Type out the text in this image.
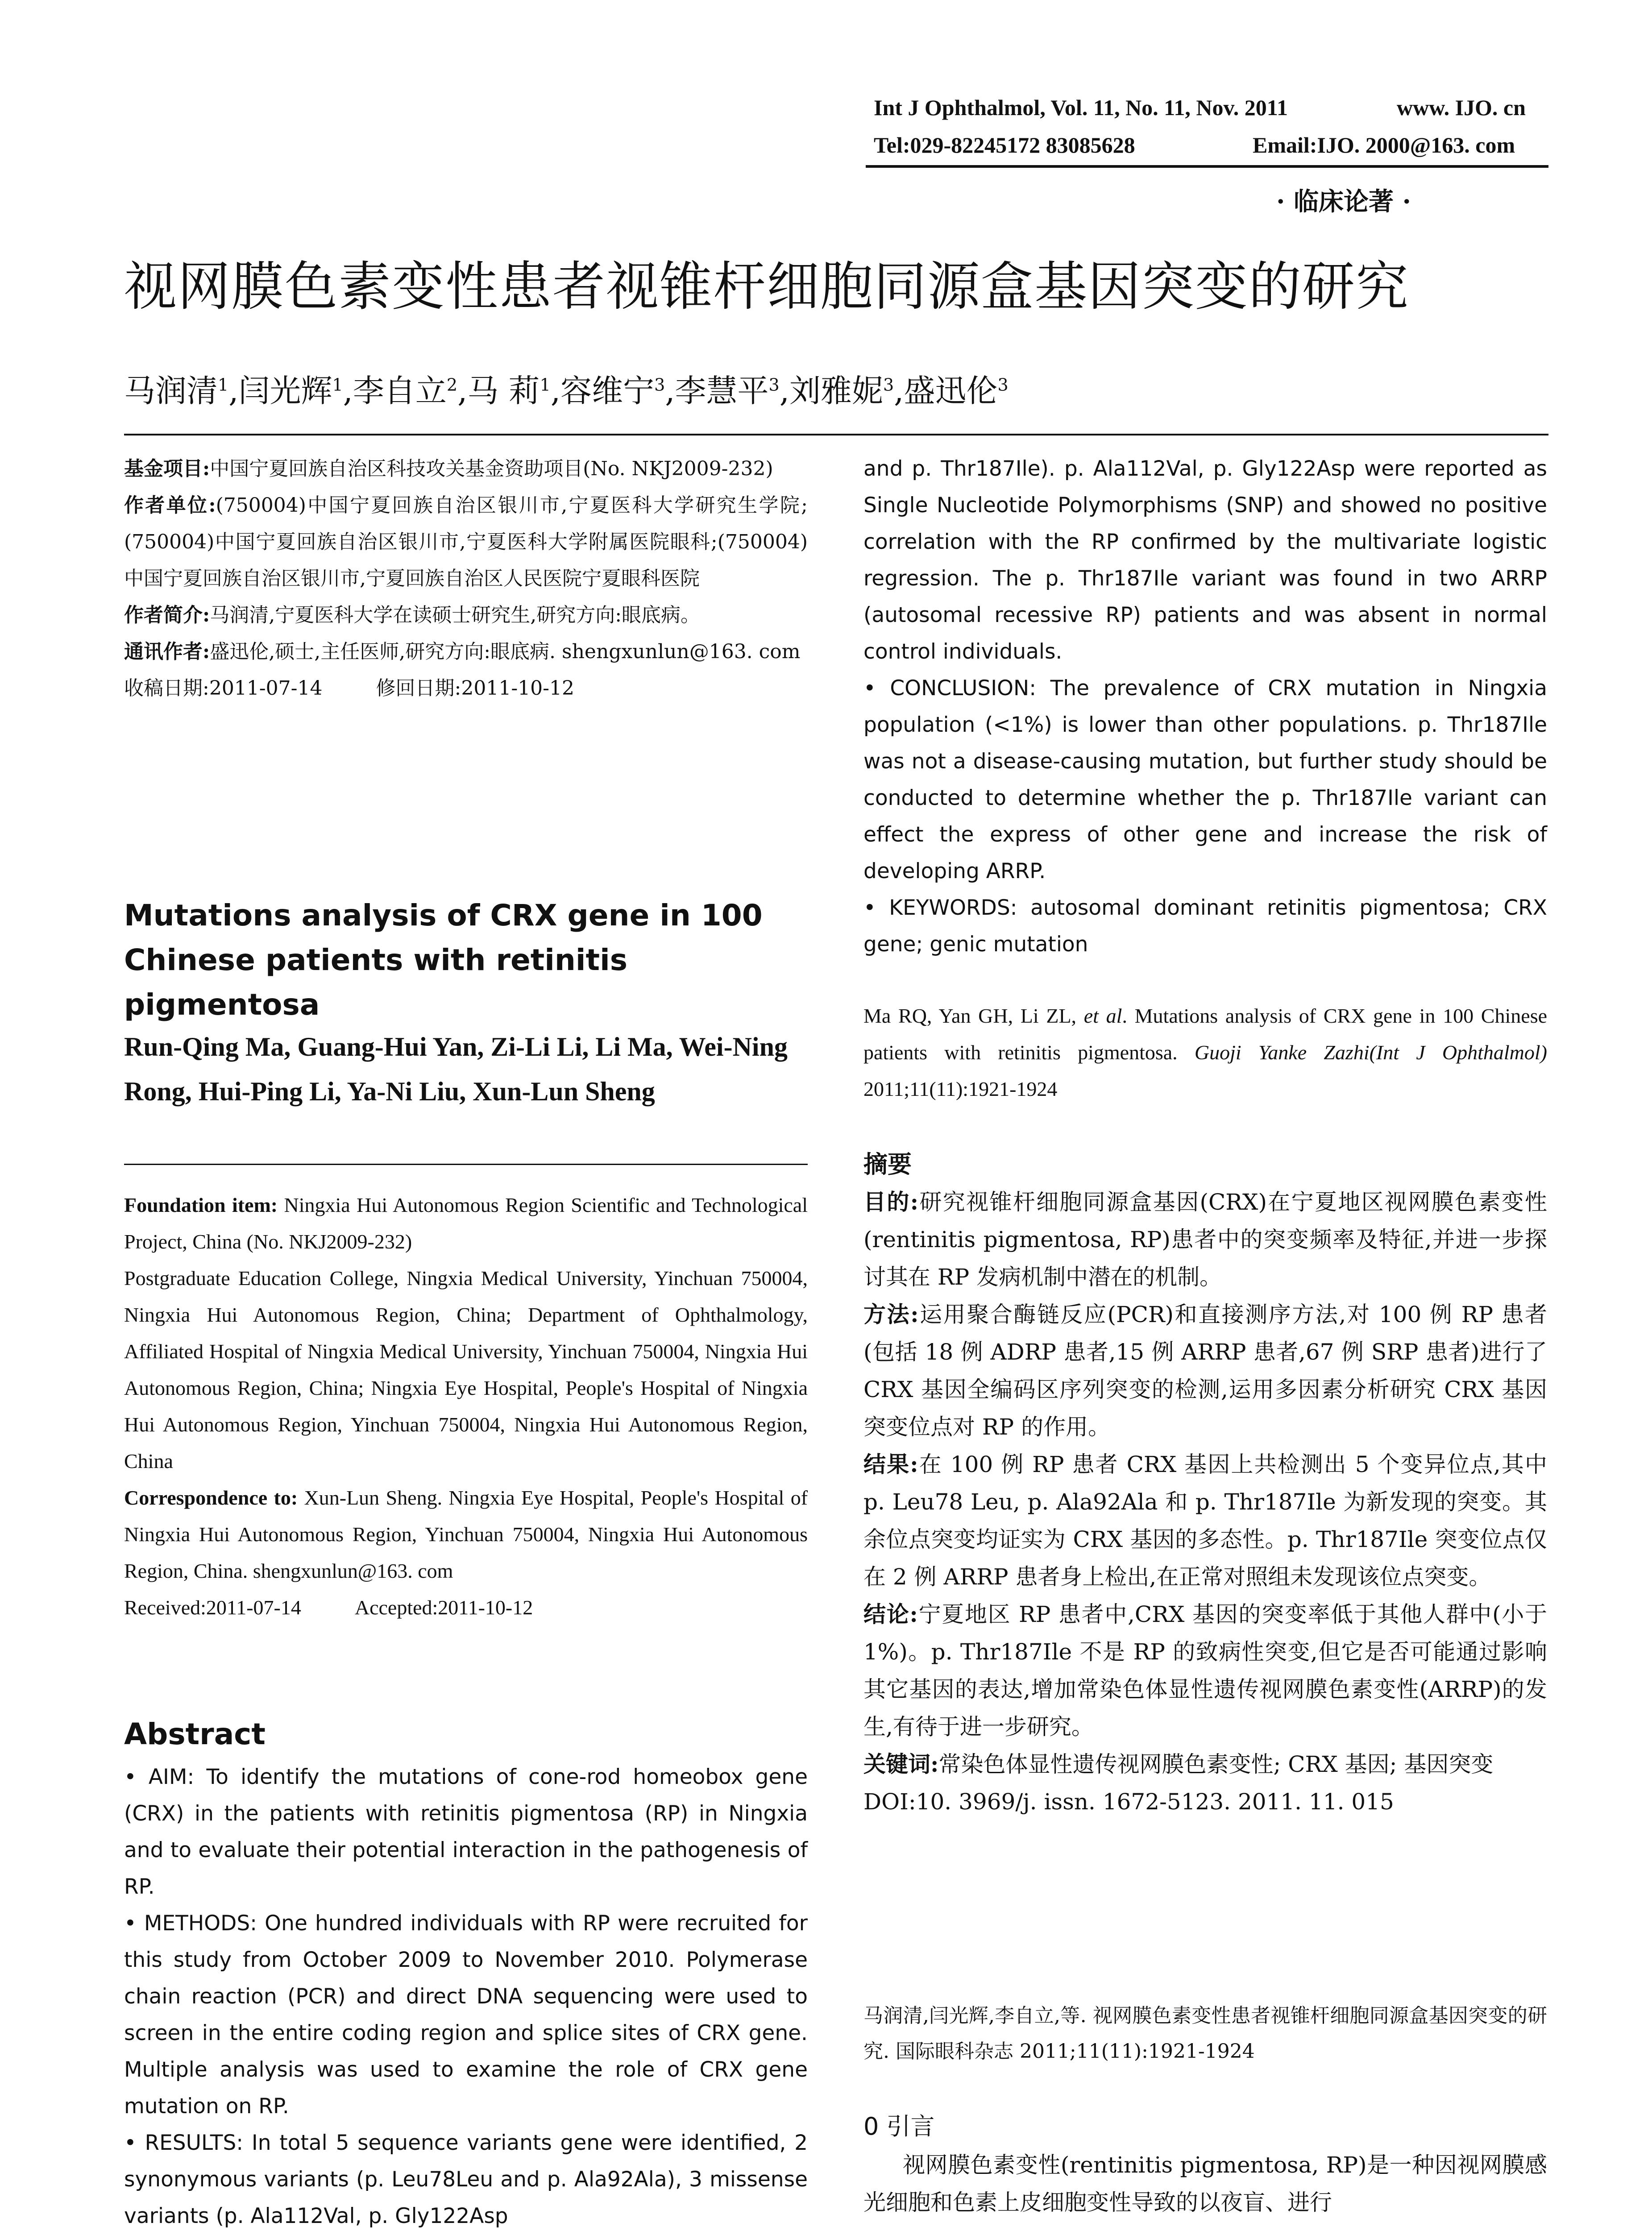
Int J Ophthalmol, Vol. 11, No. 11, Nov. 2011	www. IJO. cn
Tel:029-82245172 83085628	Email:IJO. 2000@163. com
· 临床论著 ·
视网膜色素变性患者视锥杆细胞同源盒基因突变的研究
马润清$^1$,闫光辉$^1$,李自立$^2$,马 莉$^1$,容维宁$^3$,李慧平$^3$,刘雅妮$^3$,盛迅伦$^3$

基金项目:中国宁夏回族自治区科技攻关基金资助项目(No. NKJ2009-232)

作者单位:(750004)中国宁夏回族自治区银川市,宁夏医科大学研究生学院;(750004)中国宁夏回族自治区银川市,宁夏医科大学附属医院眼科;(750004)中国宁夏回族自治区银川市,宁夏回族自治区人民医院宁夏眼科医院

作者简介:马润清,宁夏医科大学在读硕士研究生,研究方向:眼底病。

通讯作者:盛迅伦,硕士,主任医师,研究方向:眼底病. shengxunlun@163. com

收稿日期:2011-07-14	修回日期:2011-10-12

Mutations analysis of CRX gene in 100 Chinese patients with retinitis pigmentosa
Run-Qing Ma, Guang-Hui Yan, Zi-Li Li, Li Ma, Wei-Ning Rong, Hui-Ping Li, Ya-Ni Liu, Xun-Lun Sheng

Foundation item: Ningxia Hui Autonomous Region Scientific and Technological Project, China (No. NKJ2009-232)

Postgraduate Education College, Ningxia Medical University, Yinchuan 750004, Ningxia Hui Autonomous Region, China; Department of Ophthalmology, Affiliated Hospital of Ningxia Medical University, Yinchuan 750004, Ningxia Hui Autonomous Region, China; Ningxia Eye Hospital, People's Hospital of Ningxia Hui Autonomous Region, Yinchuan 750004, Ningxia Hui Autonomous Region, China

Correspondence to: Xun-Lun Sheng. Ningxia Eye Hospital, People's Hospital of Ningxia Hui Autonomous Region, Yinchuan 750004, Ningxia Hui Autonomous Region, China. shengxunlun@163. com

Received:2011-07-14	Accepted:2011-10-12

Abstract

• AIM: To identify the mutations of cone-rod homeobox gene (CRX) in the patients with retinitis pigmentosa (RP) in Ningxia and to evaluate their potential interaction in the pathogenesis of RP.

• METHODS: One hundred individuals with RP were recruited for this study from October 2009 to November 2010. Polymerase chain reaction (PCR) and direct DNA sequencing were used to screen in the entire coding region and splice sites of CRX gene. Multiple analysis was used to examine the role of CRX gene mutation on RP.

• RESULTS: In total 5 sequence variants gene were identified, 2 synonymous variants (p. Leu78Leu and p. Ala92Ala), 3 missense variants (p. Ala112Val, p. Gly122Asp

and p. Thr187Ile). p. Ala112Val, p. Gly122Asp were reported as Single Nucleotide Polymorphisms (SNP) and showed no positive correlation with the RP confirmed by the multivariate logistic regression. The p. Thr187Ile variant was found in two ARRP (autosomal recessive RP) patients and was absent in normal control individuals.

• CONCLUSION: The prevalence of CRX mutation in Ningxia population (<1%) is lower than other populations. p. Thr187Ile was not a disease-causing mutation, but further study should be conducted to determine whether the p. Thr187Ile variant can effect the express of other gene and increase the risk of developing ARRP.

• KEYWORDS: autosomal dominant retinitis pigmentosa; CRX gene; genic mutation

Ma RQ, Yan GH, Li ZL, et al. Mutations analysis of CRX gene in 100 Chinese patients with retinitis pigmentosa. Guoji Yanke Zazhi(Int J Ophthalmol) 2011;11(11):1921-1924
摘要

目的:研究视锥杆细胞同源盒基因(CRX)在宁夏地区视网膜色素变性(rentinitis pigmentosa, RP)患者中的突变频率及特征,并进一步探讨其在 RP 发病机制中潜在的机制。

方法:运用聚合酶链反应(PCR)和直接测序方法,对 100 例 RP 患者(包括 18 例 ADRP 患者,15 例 ARRP 患者,67 例 SRP 患者)进行了 CRX 基因全编码区序列突变的检测,运用多因素分析研究 CRX 基因突变位点对 RP 的作用。

结果:在 100 例 RP 患者 CRX 基因上共检测出 5 个变异位点,其中 p. Leu78 Leu, p. Ala92Ala 和 p. Thr187Ile 为新发现的突变。其余位点突变均证实为 CRX 基因的多态性。p. Thr187Ile 突变位点仅在 2 例 ARRP 患者身上检出,在正常对照组未发现该位点突变。

结论:宁夏地区 RP 患者中,CRX 基因的突变率低于其他人群中(小于 1%)。p. Thr187Ile 不是 RP 的致病性突变,但它是否可能通过影响其它基因的表达,增加常染色体显性遗传视网膜色素变性(ARRP)的发生,有待于进一步研究。

关键词:常染色体显性遗传视网膜色素变性; CRX 基因; 基因突变

DOI:10. 3969/j. issn. 1672-5123. 2011. 11. 015

马润清,闫光辉,李自立,等. 视网膜色素变性患者视锥杆细胞同源盒基因突变的研究. 国际眼科杂志 2011;11(11):1921-1924
0 引言
视网膜色素变性(rentinitis pigmentosa, RP)是一种因视网膜感光细胞和色素上皮细胞变性导致的以夜盲、进行
